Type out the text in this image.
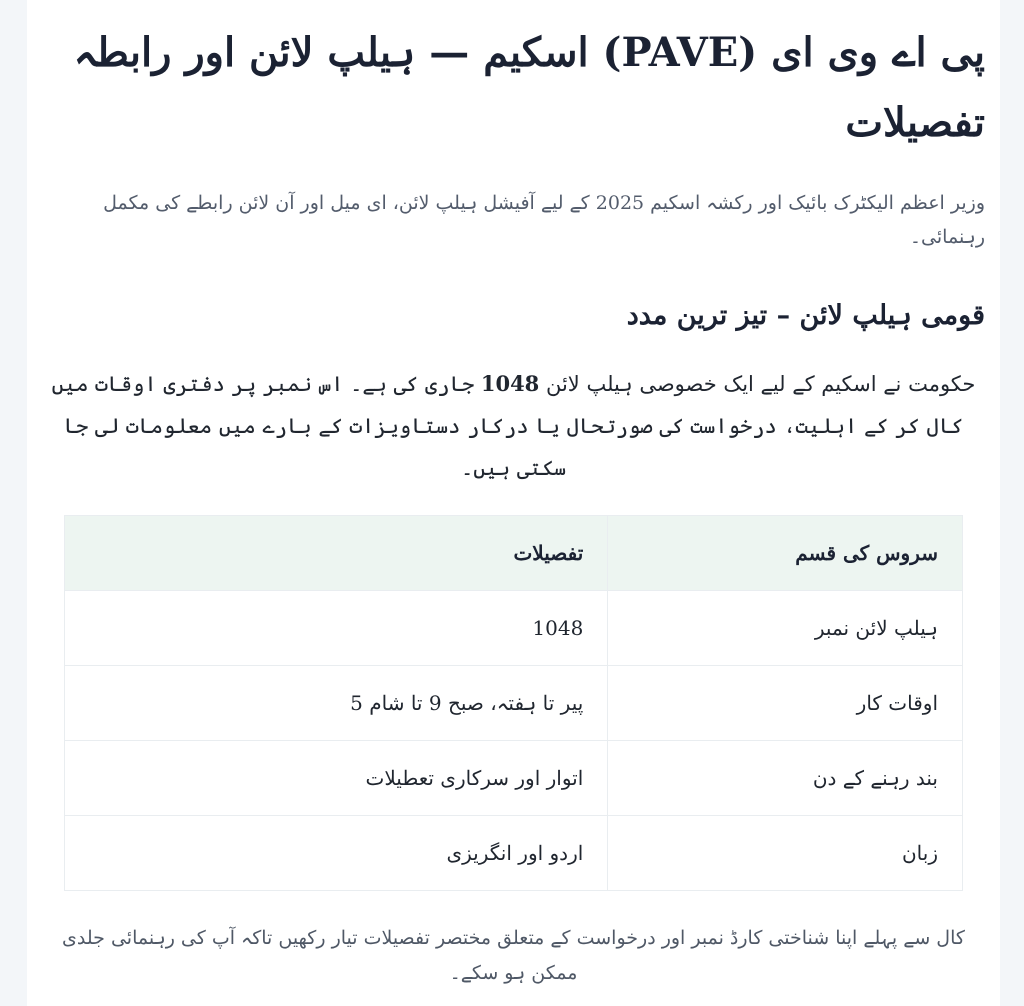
پی اے وی ای (PAVE) اسکیم — ہیلپ لائن اور رابطہ تفصیلات

وزیر اعظم الیکٹرک بائیک اور رکشہ اسکیم 2025 کے لیے آفیشل ہیلپ لائن، ای میل اور آن لائن رابطے کی مکمل رہنمائی۔

قومی ہیلپ لائن – تیز ترین مدد

حکومت نے اسکیم کے لیے ایک خصوصی ہیلپ لائن 1048 جاری کی ہے۔ اس نمبر پر دفتری اوقات میں کال کر کے اہلیت، درخواست کی صورتحال یا درکار دستاویزات کے بارے میں معلومات لی جا سکتی ہیں۔

سروس کی قسم	تفصیلات
ہیلپ لائن نمبر	1048
اوقات کار	پیر تا ہفتہ، صبح 9 تا شام 5
بند رہنے کے دن	اتوار اور سرکاری تعطیلات
زبان	اردو اور انگریزی

کال سے پہلے اپنا شناختی کارڈ نمبر اور درخواست کے متعلق مختصر تفصیلات تیار رکھیں تاکہ آپ کی رہنمائی جلدی ممکن ہو سکے۔
